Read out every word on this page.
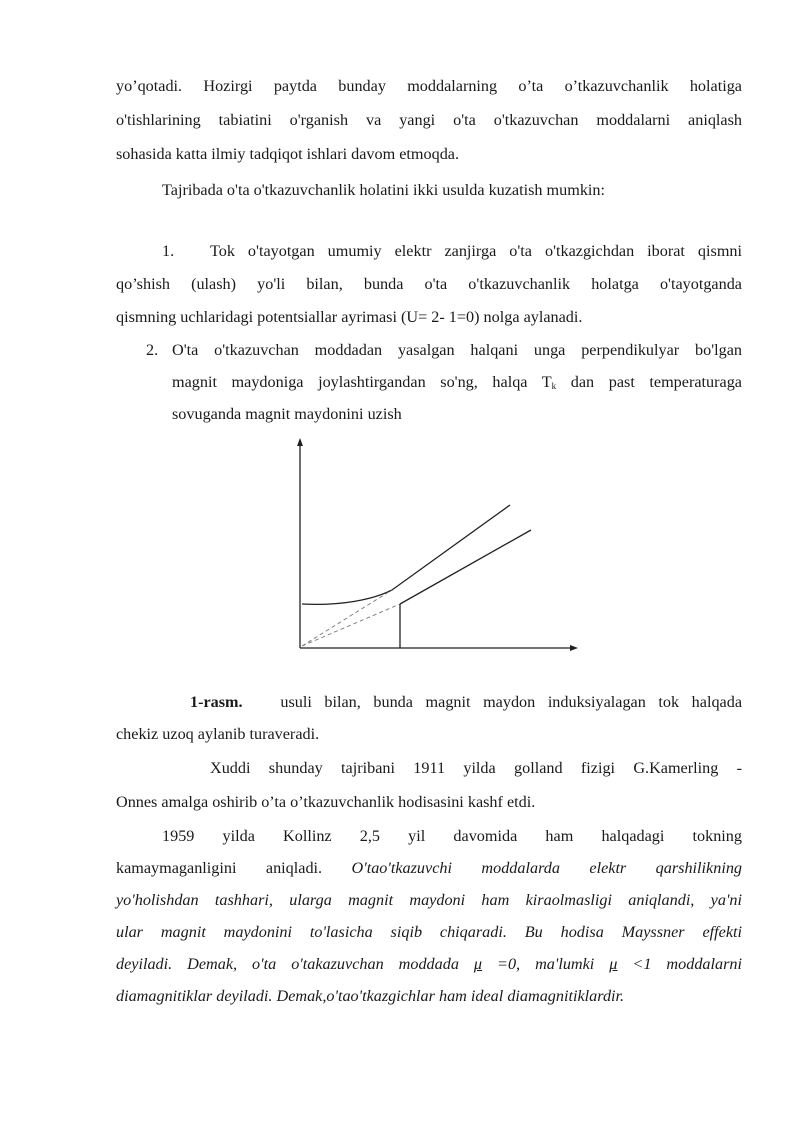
yo’qotadi. Hozirgi paytda bunday moddalarning o’ta o’tkazuvchanlik holatiga
o'tishlarining tabiatini o'rganish va yangi o'ta o'tkazuvchan moddalarni aniqlash
sohasida katta ilmiy tadqiqot ishlari davom etmoqda.
Tajribada o'ta o'tkazuvchanlik holatini ikki usulda kuzatish mumkin:
1. Tok o'tayotgan umumiy elektr zanjirga o'ta o'tkazgichdan iborat qismni
qo’shish (ulash) yo'li bilan, bunda o'ta o'tkazuvchanlik holatga o'tayotganda
qismning uchlaridagi potentsiallar ayrimasi (U= 2- 1=0) nolga aylanadi.
2. O'ta o'tkazuvchan moddadan yasalgan halqani unga perpendikulyar bo'lgan
magnit maydoniga joylashtirgandan so'ng, halqa $T_k$ dan past temperaturaga
sovuganda magnit maydonini uzish
1-rasm. usuli bilan, bunda magnit maydon induksiyalagan tok halqada
chekiz uzoq aylanib turaveradi.
Xuddi shunday tajribani 1911 yilda golland fizigi G.Kamerling -
Onnes amalga oshirib o’ta o’tkazuvchanlik hodisasini kashf etdi.
1959 yilda Kollinz 2,5 yil davomida ham halqadagi tokning
kamaymaganligini aniqladi. O'tao'tkazuvchi moddalarda elektr qarshilikning
yo'holishdan tashhari, ularga magnit maydoni ham kiraolmasligi aniqlandi, ya'ni
ular magnit maydonini to'lasicha siqib chiqaradi. Bu hodisa Mayssner effekti
deyiladi. Demak, o'ta o'takazuvchan moddada μ =0, ma'lumki μ <1 moddalarni
diamagnitiklar deyiladi. Demak,o'tao'tkazgichlar ham ideal diamagnitiklardir.
